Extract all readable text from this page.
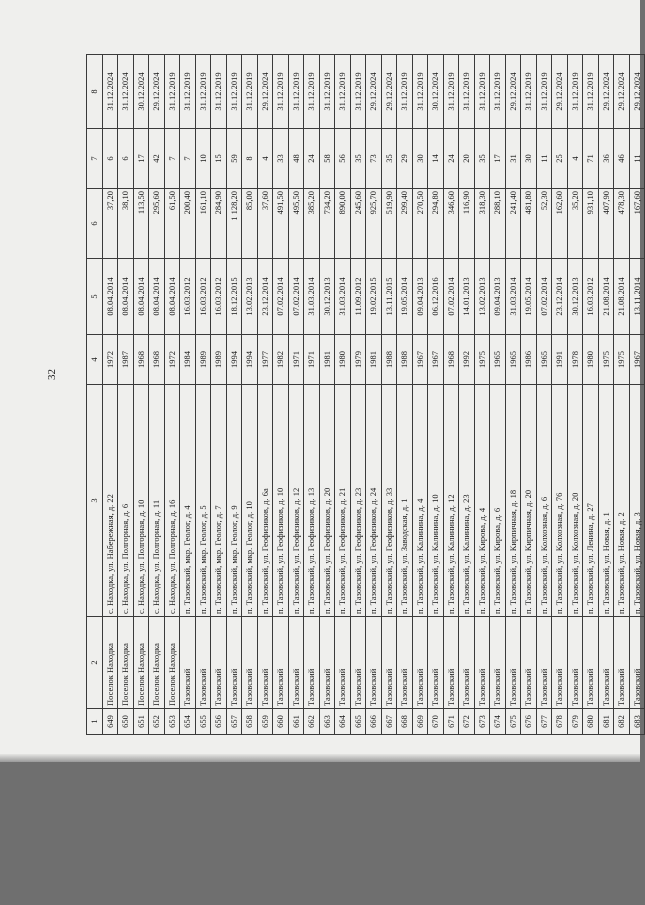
32
1	2	3	4	5	6	7	8
649	Поселок Находка	с. Находка, ул. Набережная, д. 22	1972	08.04.2014	37,20	6	31.12.2024
650	Поселок Находка	с. Находка, ул. Полгорная, д. 6	1987	08.04.2014	38,10	6	31.12.2024
651	Поселок Находка	с. Находка, ул. Полгорная, д. 10	1968	08.04.2014	113,50	17	30.12.2024
652	Поселок Находка	с. Находка, ул. Полгорная, д. 11	1968	08.04.2014	295,60	42	29.12.2024
653	Поселок Находка	с. Находка, ул. Полгорная, д. 16	1972	08.04.2014	61,50	7	31.12.2019
654	Тазовский	п. Тазовский, мкр. Геолог, д. 4	1984	16.03.2012	200,40	7	31.12.2019
655	Тазовский	п. Тазовский, мкр. Геолог, д. 5	1989	16.03.2012	161,10	10	31.12.2019
656	Тазовский	п. Тазовский, мкр. Геолог, д. 7	1989	16.03.2012	284,90	15	31.12.2019
657	Тазовский	п. Тазовский, мкр. Геолог, д. 9	1994	18.12.2015	1 128,20	59	31.12.2019
658	Тазовский	п. Тазовский, мкр. Геолог, д. 10	1994	13.02.2013	85,00	8	31.12.2019
659	Тазовский	п. Тазовский, ул. Геофизиков, д. 6а	1977	23.12.2014	37,60	4	29.12.2024
660	Тазовский	п. Тазовский, ул. Геофизиков, д. 10	1982	07.02.2014	491,50	33	31.12.2019
661	Тазовский	п. Тазовский, ул. Геофизиков, д. 12	1971	07.02.2014	495,50	48	31.12.2019
662	Тазовский	п. Тазовский, ул. Геофизиков, д. 13	1971	31.03.2014	385,20	24	31.12.2019
663	Тазовский	п. Тазовский, ул. Геофизиков, д. 20	1981	30.12.2013	734,20	58	31.12.2019
664	Тазовский	п. Тазовский, ул. Геофизиков, д. 21	1980	31.03.2014	890,00	56	31.12.2019
665	Тазовский	п. Тазовский, ул. Геофизиков, д. 23	1979	11.09.2012	245,60	35	31.12.2019
666	Тазовский	п. Тазовский, ул. Геофизиков, д. 24	1981	19.02.2015	925,70	73	29.12.2024
667	Тазовский	п. Тазовский, ул. Геофизиков, д. 33	1988	13.11.2015	519,90	35	29.12.2024
668	Тазовский	п. Тазовский, ул. Заводская, д. 1	1988	19.05.2014	299,40	29	31.12.2019
669	Тазовский	п. Тазовский, ул. Калинина, д. 4	1967	09.04.2013	270,50	30	31.12.2019
670	Тазовский	п. Тазовский, ул. Калинина, д. 10	1967	06.12.2016	294,80	14	30.12.2024
671	Тазовский	п. Тазовский, ул. Калинина, д. 12	1968	07.02.2014	346,60	24	31.12.2019
672	Тазовский	п. Тазовский, ул. Калинина, д. 23	1992	14.01.2013	116,90	20	31.12.2019
673	Тазовский	п. Тазовский, ул. Кирова, д. 4	1975	13.02.2013	318,30	35	31.12.2019
674	Тазовский	п. Тазовский, ул. Кирова, д. 6	1965	09.04.2013	288,10	17	31.12.2019
675	Тазовский	п. Тазовский, ул. Кирпичная, д. 18	1965	31.03.2014	241,40	31	29.12.2024
676	Тазовский	п. Тазовский, ул. Кирпичная, д. 20	1986	19.05.2014	481,80	30	31.12.2019
677	Тазовский	п. Тазовский, ул. Колхозная, д. 6	1965	07.02.2014	52,30	11	31.12.2019
678	Тазовский	п. Тазовский, ул. Колхозная, д. 76	1991	23.12.2014	162,60	25	29.12.2024
679	Тазовский	п. Тазовский, ул. Колхозная, д. 20	1978	30.12.2013	35,20	4	31.12.2019
680	Тазовский	п. Тазовский, ул. Ленина, д. 27	1980	16.03.2012	931,10	71	31.12.2019
681	Тазовский	п. Тазовский, ул. Новая, д. 1	1975	21.08.2014	407,90	36	29.12.2024
682	Тазовский	п. Тазовский, ул. Новая, д. 2	1975	21.08.2014	478,30	46	29.12.2024
683	Тазовский	п. Тазовский, ул. Новая, д. 3	1967	13.11.2014	167,60	11	29.12.2024
